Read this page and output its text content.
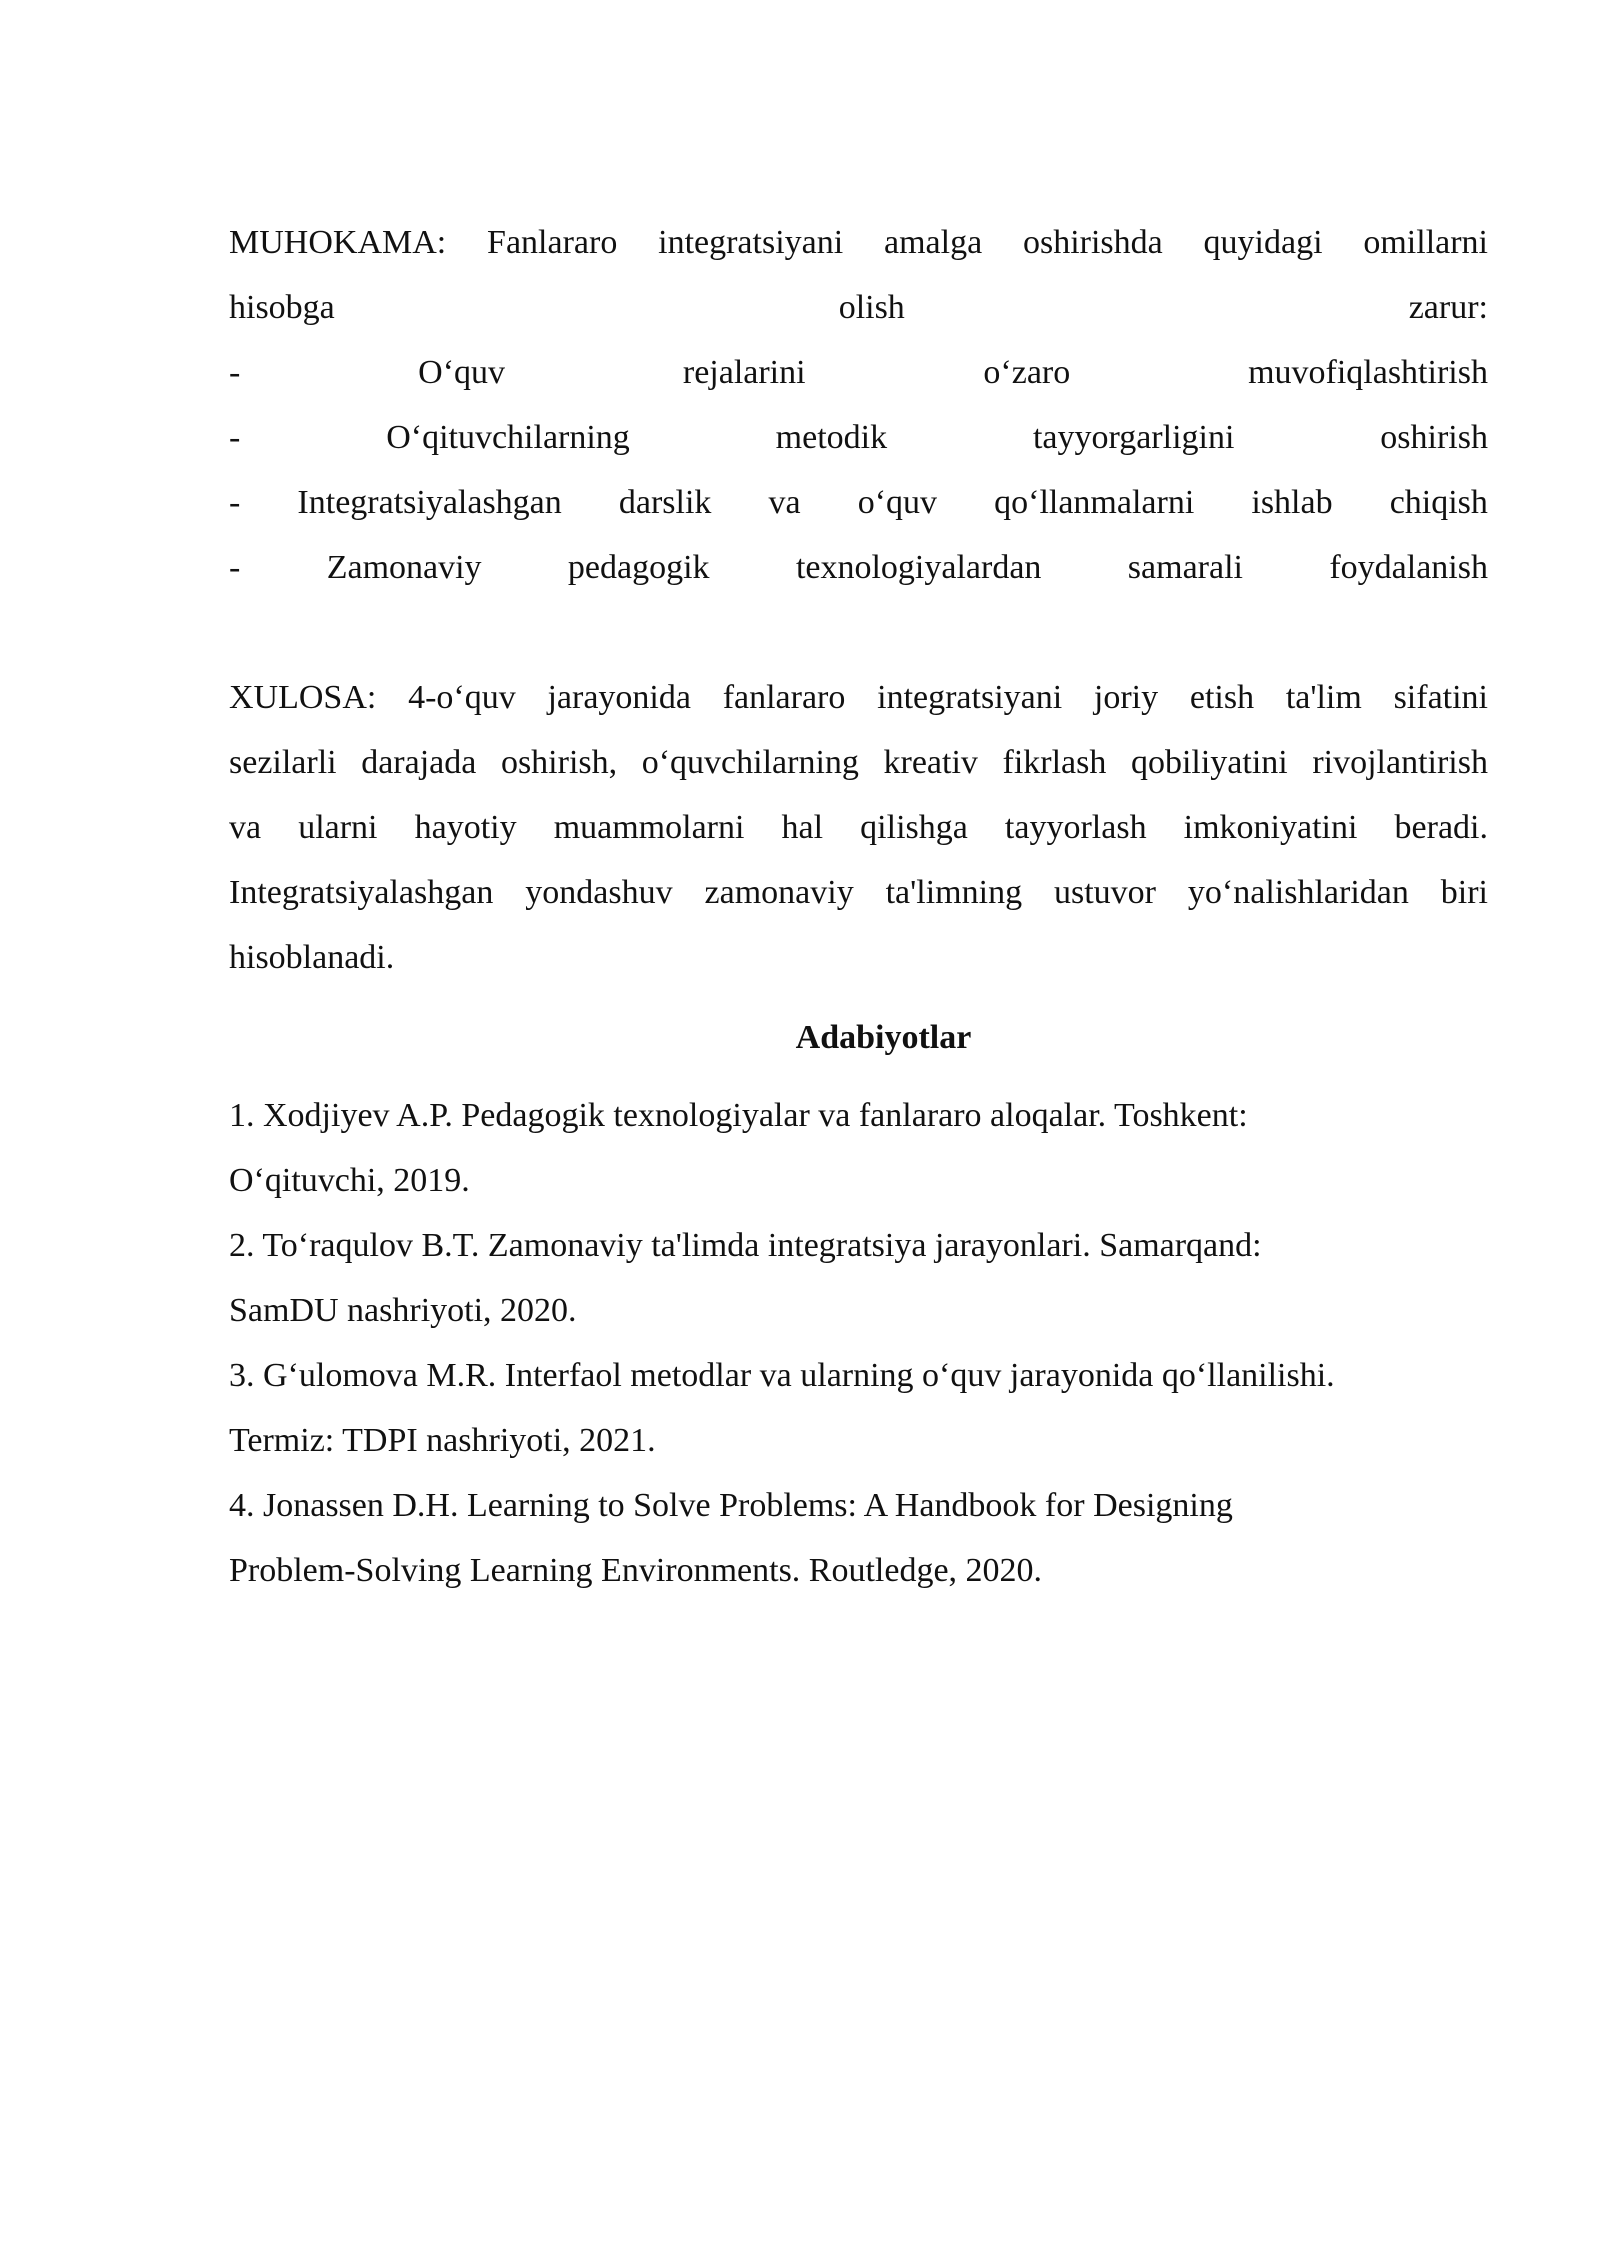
MUHOKAMA: Fanlararo integratsiyani amalga oshirishda quyidagi omillarni
hisobga	olish	zarur:
-	O‘quv	rejalarini	o‘zaro	muvofiqlashtirish
-	O‘qituvchilarning	metodik	tayyorgarligini	oshirish
- Integratsiyalashgan darslik va o‘quv qo‘llanmalarni ishlab chiqish
-	Zamonaviy	pedagogik	texnologiyalardan	samarali	foydalanish
XULOSA: 4-o‘quv jarayonida fanlararo integratsiyani joriy etish ta'lim sifatini
sezilarli darajada oshirish, o‘quvchilarning kreativ fikrlash qobiliyatini rivojlantirish
va ularni hayotiy muammolarni hal qilishga tayyorlash imkoniyatini beradi.
Integratsiyalashgan yondashuv zamonaviy ta'limning ustuvor yo‘nalishlaridan biri
hisoblanadi.
Adabiyotlar
1. Xodjiyev A.P. Pedagogik texnologiyalar va fanlararo aloqalar. Toshkent:
O‘qituvchi, 2019.
2. To‘raqulov B.T. Zamonaviy ta'limda integratsiya jarayonlari. Samarqand:
SamDU nashriyoti, 2020.
3. G‘ulomova M.R. Interfaol metodlar va ularning o‘quv jarayonida qo‘llanilishi.
Termiz: TDPI nashriyoti, 2021.
4. Jonassen D.H. Learning to Solve Problems: A Handbook for Designing
Problem-Solving Learning Environments. Routledge, 2020.
